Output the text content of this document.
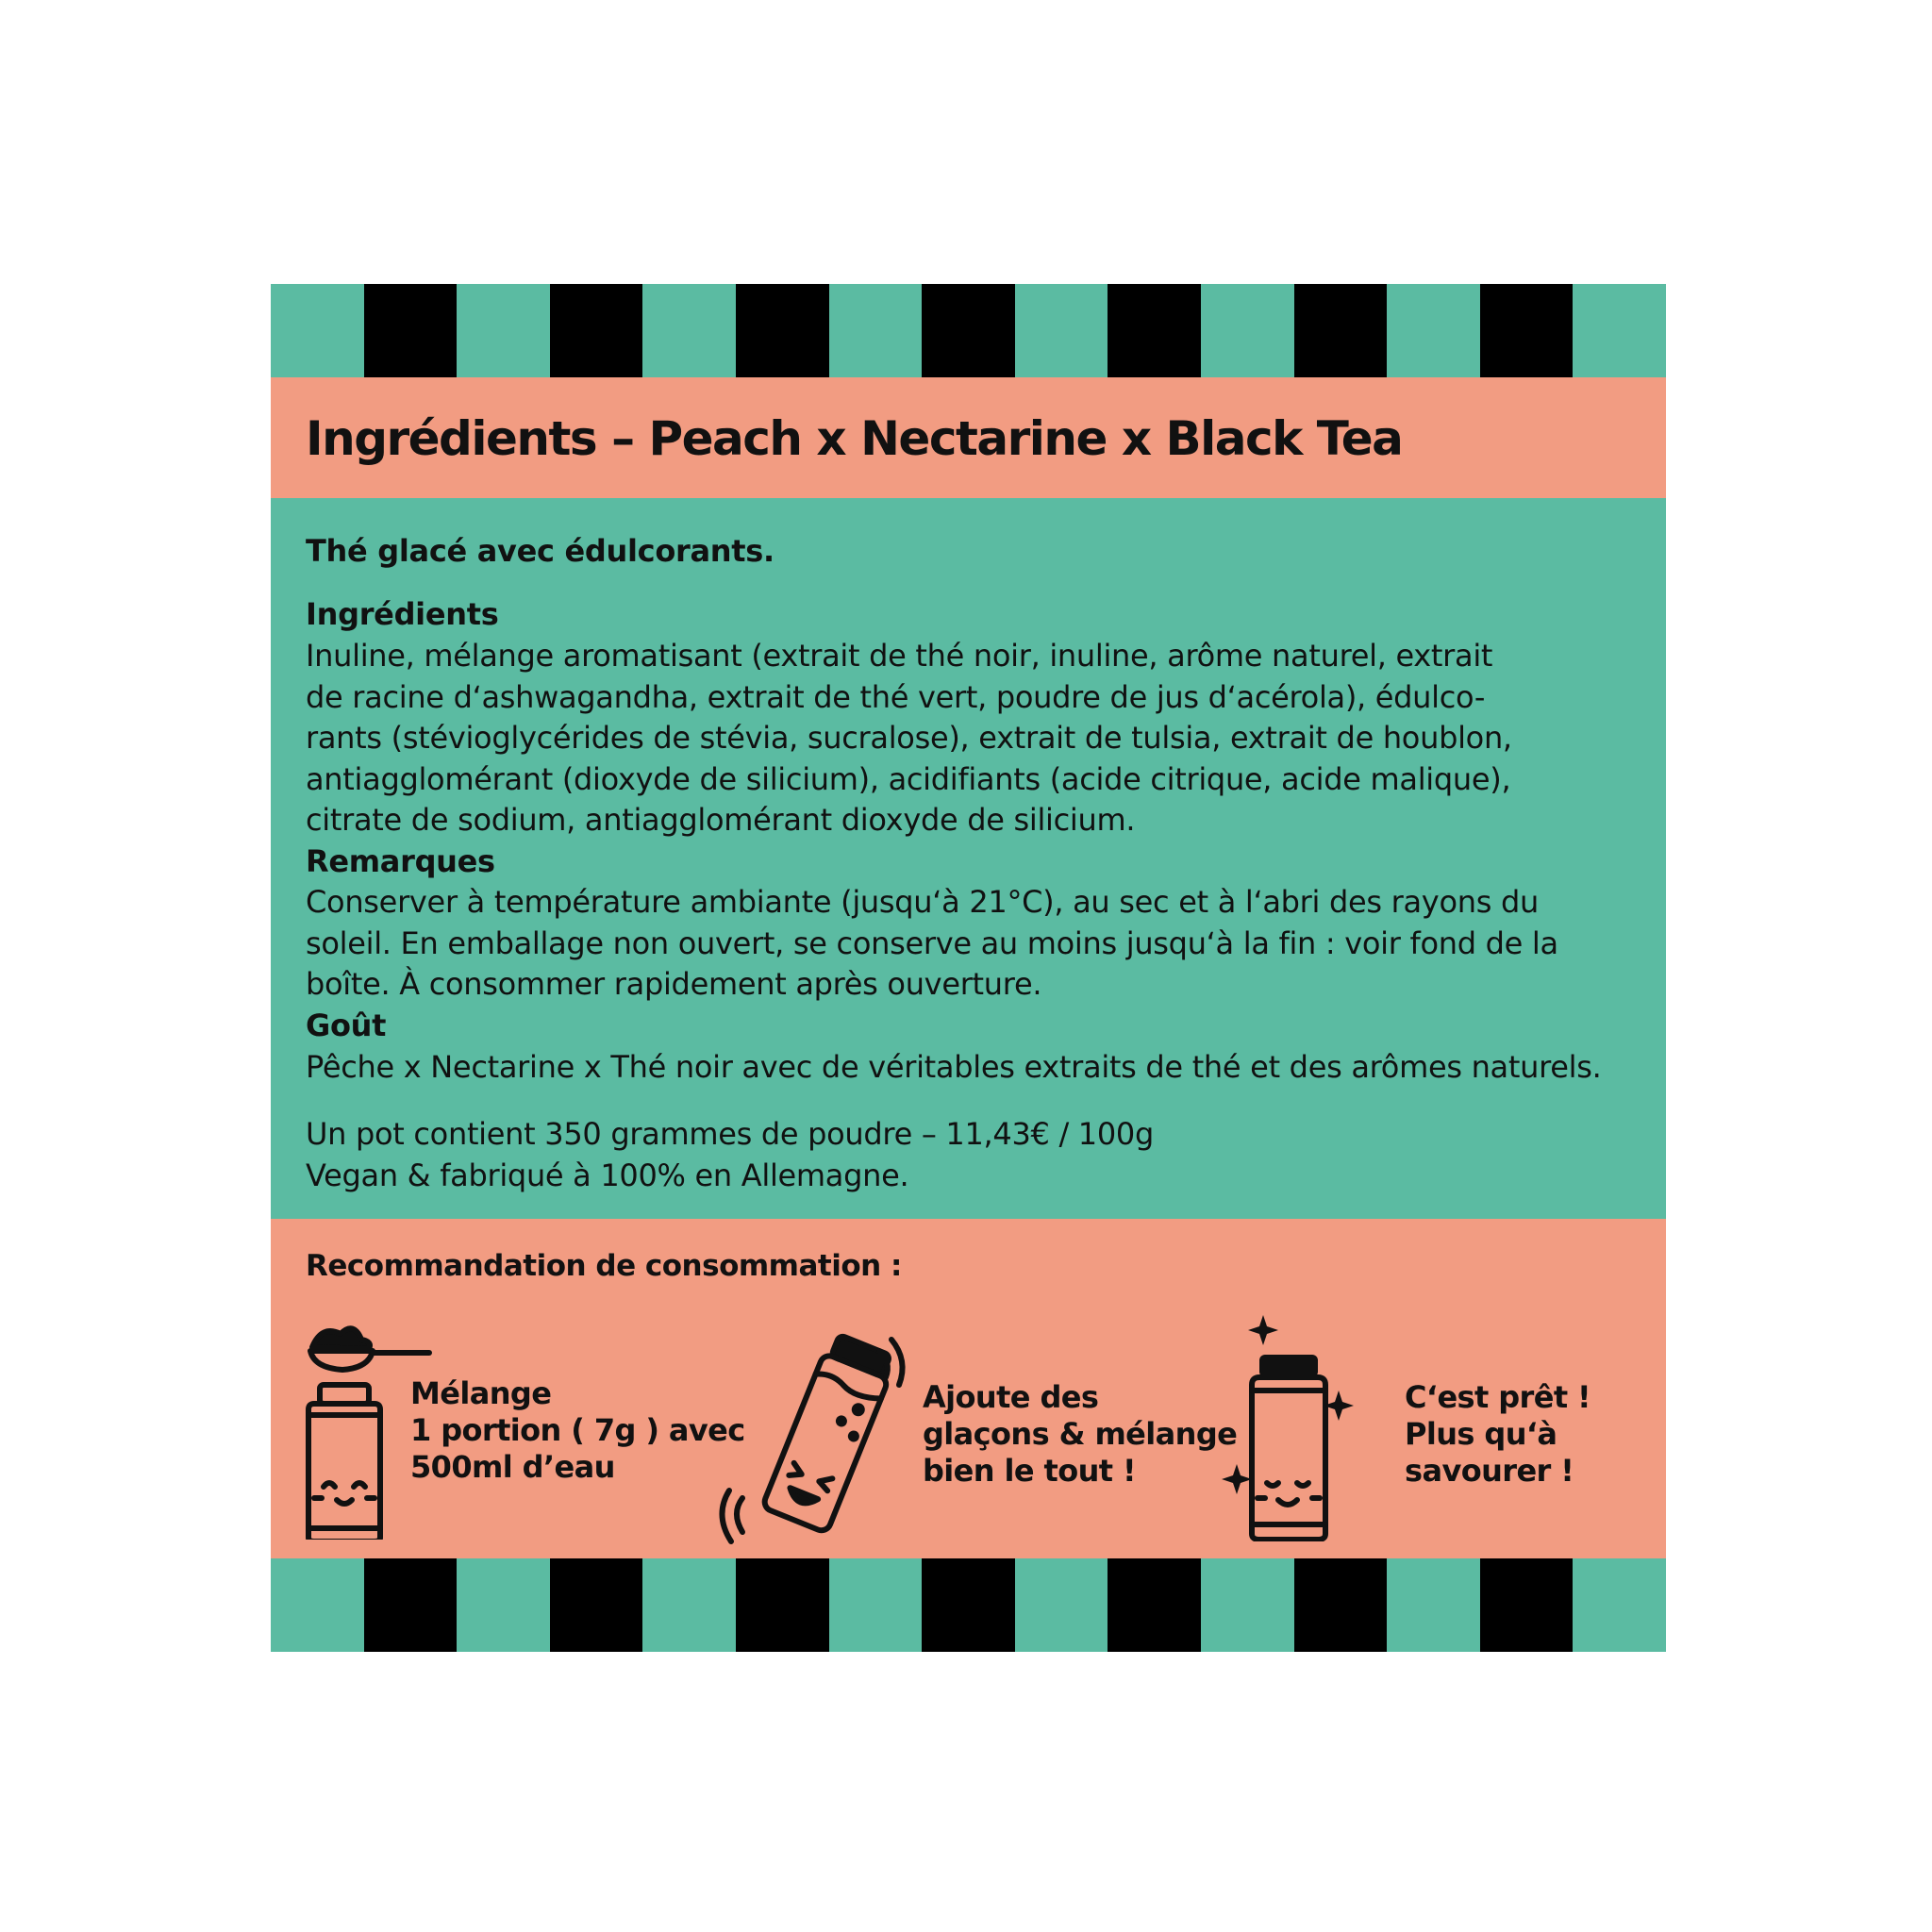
Ingrédients – Peach x Nectarine x Black Tea
Thé glacé avec édulcorants.
Ingrédients
Inuline, mélange aromatisant (extrait de thé noir, inuline, arôme naturel, extrait
de racine d‘ashwagandha, extrait de thé vert, poudre de jus d‘acérola), édulco-
rants (stévioglycérides de stévia, sucralose), extrait de tulsia, extrait de houblon,
antiagglomérant (dioxyde de silicium), acidifiants (acide citrique, acide malique),
citrate de sodium, antiagglomérant dioxyde de silicium.
Remarques
Conserver à température ambiante (jusqu‘à 21°C), au sec et à l‘abri des rayons du
soleil. En emballage non ouvert, se conserve au moins jusqu‘à la fin : voir fond de la
boîte. À consommer rapidement après ouverture.
Goût
Pêche x Nectarine x Thé noir avec de véritables extraits de thé et des arômes naturels.
Un pot contient 350 grammes de poudre – 11,43€ / 100g
Vegan & fabriqué à 100% en Allemagne.
Recommandation de consommation :
Mélange
1 portion ( 7g ) avec
500ml d’eau
Ajoute des
glaçons & mélange
bien le tout !
C‘est prêt !
Plus qu‘à
savourer !
